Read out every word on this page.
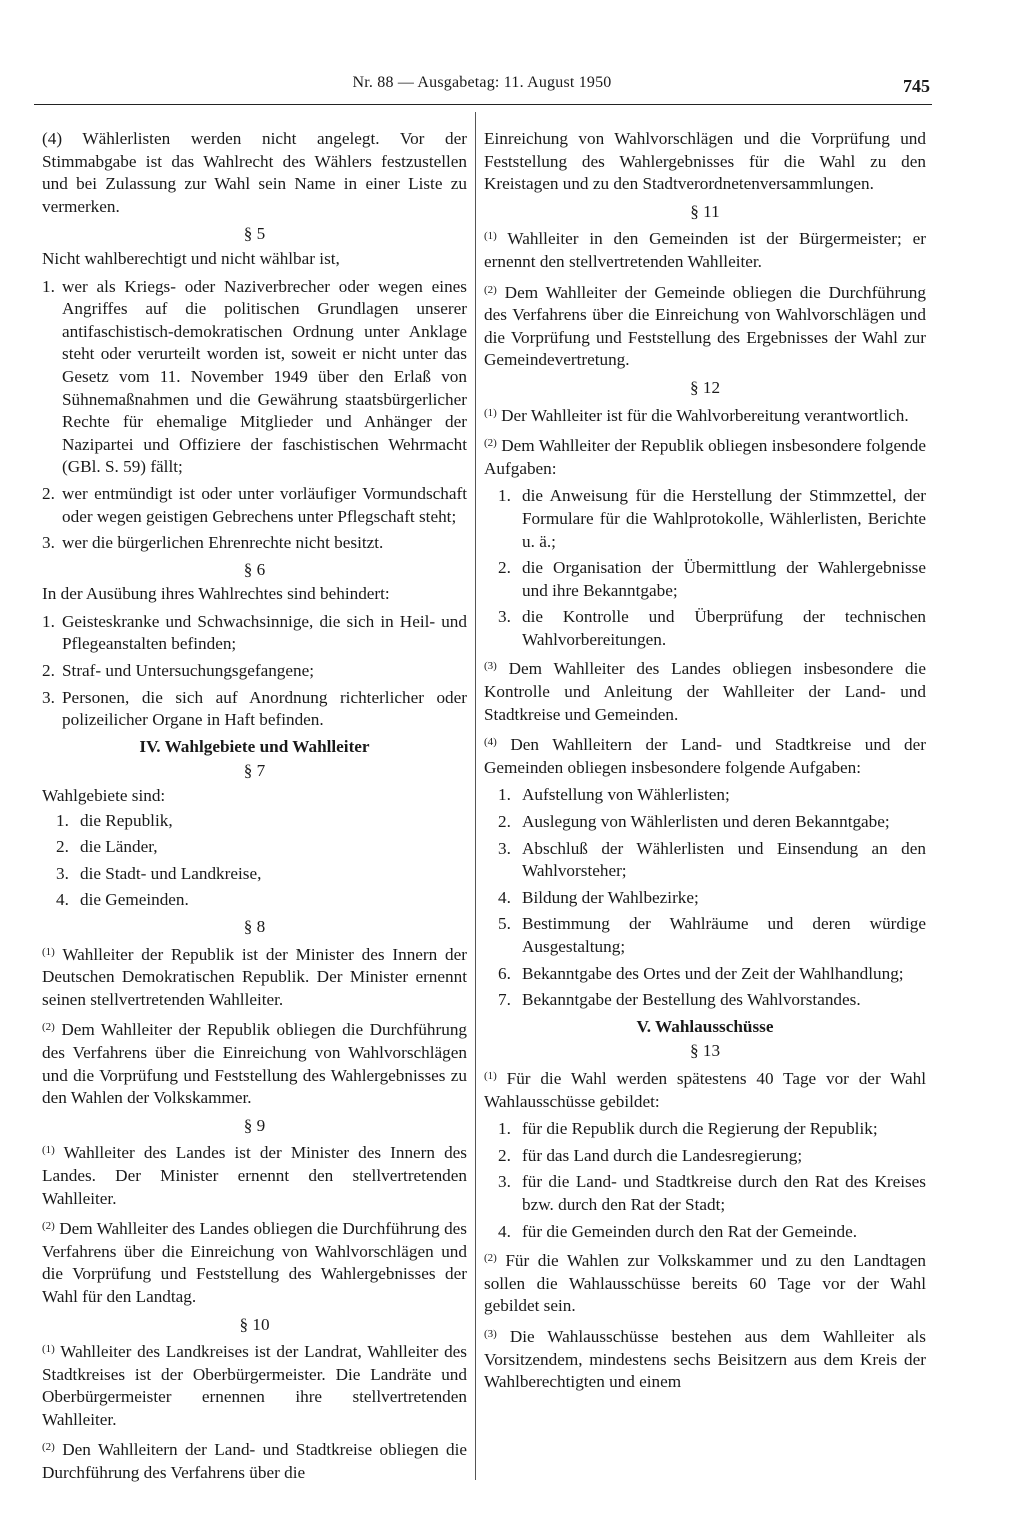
Nr. 88 — Ausgabetag: 11. August 1950	745

(4) Wählerlisten werden nicht angelegt. Vor der Stimmabgabe ist das Wahlrecht des Wählers festzustellen und bei Zulassung zur Wahl sein Name in einer Liste zu vermerken.

§ 5

Nicht wahlberechtigt und nicht wählbar ist,

1. wer als Kriegs- oder Naziverbrecher oder wegen eines Angriffes auf die politischen Grundlagen unserer antifaschistisch-demokratischen Ordnung unter Anklage steht oder verurteilt worden ist, soweit er nicht unter das Gesetz vom 11. November 1949 über den Erlaß von Sühnemaßnahmen und die Gewährung staatsbürgerlicher Rechte für ehemalige Mitglieder und Anhänger der Nazipartei und Offiziere der faschistischen Wehrmacht (GBl. S. 59) fällt;
2. wer entmündigt ist oder unter vorläufiger Vormundschaft oder wegen geistigen Gebrechens unter Pflegschaft steht;
3. wer die bürgerlichen Ehrenrechte nicht besitzt.
§ 6

In der Ausübung ihres Wahlrechtes sind behindert:

1. Geisteskranke und Schwachsinnige, die sich in Heil- und Pflegeanstalten befinden;
2. Straf- und Untersuchungsgefangene;
3. Personen, die sich auf Anordnung richterlicher oder polizeilicher Organe in Haft befinden.
IV. Wahlgebiete und Wahlleiter
§ 7

Wahlgebiete sind:

1. die Republik,
2. die Länder,
3. die Stadt- und Landkreise,
4. die Gemeinden.
§ 8

$^{(1)}$ Wahlleiter der Republik ist der Minister des Innern der Deutschen Demokratischen Republik. Der Minister ernennt seinen stellvertretenden Wahlleiter.

$^{(2)}$ Dem Wahlleiter der Republik obliegen die Durchführung des Verfahrens über die Einreichung von Wahlvorschlägen und die Vorprüfung und Feststellung des Wahlergebnisses zu den Wahlen der Volkskammer.

§ 9

$^{(1)}$ Wahlleiter des Landes ist der Minister des Innern des Landes. Der Minister ernennt den stellvertretenden Wahlleiter.

$^{(2)}$ Dem Wahlleiter des Landes obliegen die Durchführung des Verfahrens über die Einreichung von Wahlvorschlägen und die Vorprüfung und Feststellung des Wahlergebnisses der Wahl für den Landtag.

§ 10

$^{(1)}$ Wahlleiter des Landkreises ist der Landrat, Wahlleiter des Stadtkreises ist der Oberbürgermeister. Die Landräte und Oberbürgermeister ernennen ihre stellvertretenden Wahlleiter.

$^{(2)}$ Den Wahlleitern der Land- und Stadtkreise obliegen die Durchführung des Verfahrens über die

Einreichung von Wahlvorschlägen und die Vorprüfung und Feststellung des Wahlergebnisses für die Wahl zu den Kreistagen und zu den Stadtverordnetenversammlungen.

§ 11

$^{(1)}$ Wahlleiter in den Gemeinden ist der Bürgermeister; er ernennt den stellvertretenden Wahlleiter.

$^{(2)}$ Dem Wahlleiter der Gemeinde obliegen die Durchführung des Verfahrens über die Einreichung von Wahlvorschlägen und die Vorprüfung und Feststellung des Ergebnisses der Wahl zur Gemeindevertretung.

§ 12

$^{(1)}$ Der Wahlleiter ist für die Wahlvorbereitung verantwortlich.

$^{(2)}$ Dem Wahlleiter der Republik obliegen insbesondere folgende Aufgaben:

1. die Anweisung für die Herstellung der Stimmzettel, der Formulare für die Wahlprotokolle, Wählerlisten, Berichte u. ä.;
2. die Organisation der Übermittlung der Wahlergebnisse und ihre Bekanntgabe;
3. die Kontrolle und Überprüfung der technischen Wahlvorbereitungen.

$^{(3)}$ Dem Wahlleiter des Landes obliegen insbesondere die Kontrolle und Anleitung der Wahlleiter der Land- und Stadtkreise und Gemeinden.

$^{(4)}$ Den Wahlleitern der Land- und Stadtkreise und der Gemeinden obliegen insbesondere folgende Aufgaben:

1. Aufstellung von Wählerlisten;
2. Auslegung von Wählerlisten und deren Bekanntgabe;
3. Abschluß der Wählerlisten und Einsendung an den Wahlvorsteher;
4. Bildung der Wahlbezirke;
5. Bestimmung der Wahlräume und deren würdige Ausgestaltung;
6. Bekanntgabe des Ortes und der Zeit der Wahlhandlung;
7. Bekanntgabe der Bestellung des Wahlvorstandes.
V. Wahlausschüsse
§ 13

$^{(1)}$ Für die Wahl werden spätestens 40 Tage vor der Wahl Wahlausschüsse gebildet:

1. für die Republik durch die Regierung der Republik;
2. für das Land durch die Landesregierung;
3. für die Land- und Stadtkreise durch den Rat des Kreises bzw. durch den Rat der Stadt;
4. für die Gemeinden durch den Rat der Gemeinde.

$^{(2)}$ Für die Wahlen zur Volkskammer und zu den Landtagen sollen die Wahlausschüsse bereits 60 Tage vor der Wahl gebildet sein.

$^{(3)}$ Die Wahlausschüsse bestehen aus dem Wahlleiter als Vorsitzendem, mindestens sechs Beisitzern aus dem Kreis der Wahlberechtigten und einem
